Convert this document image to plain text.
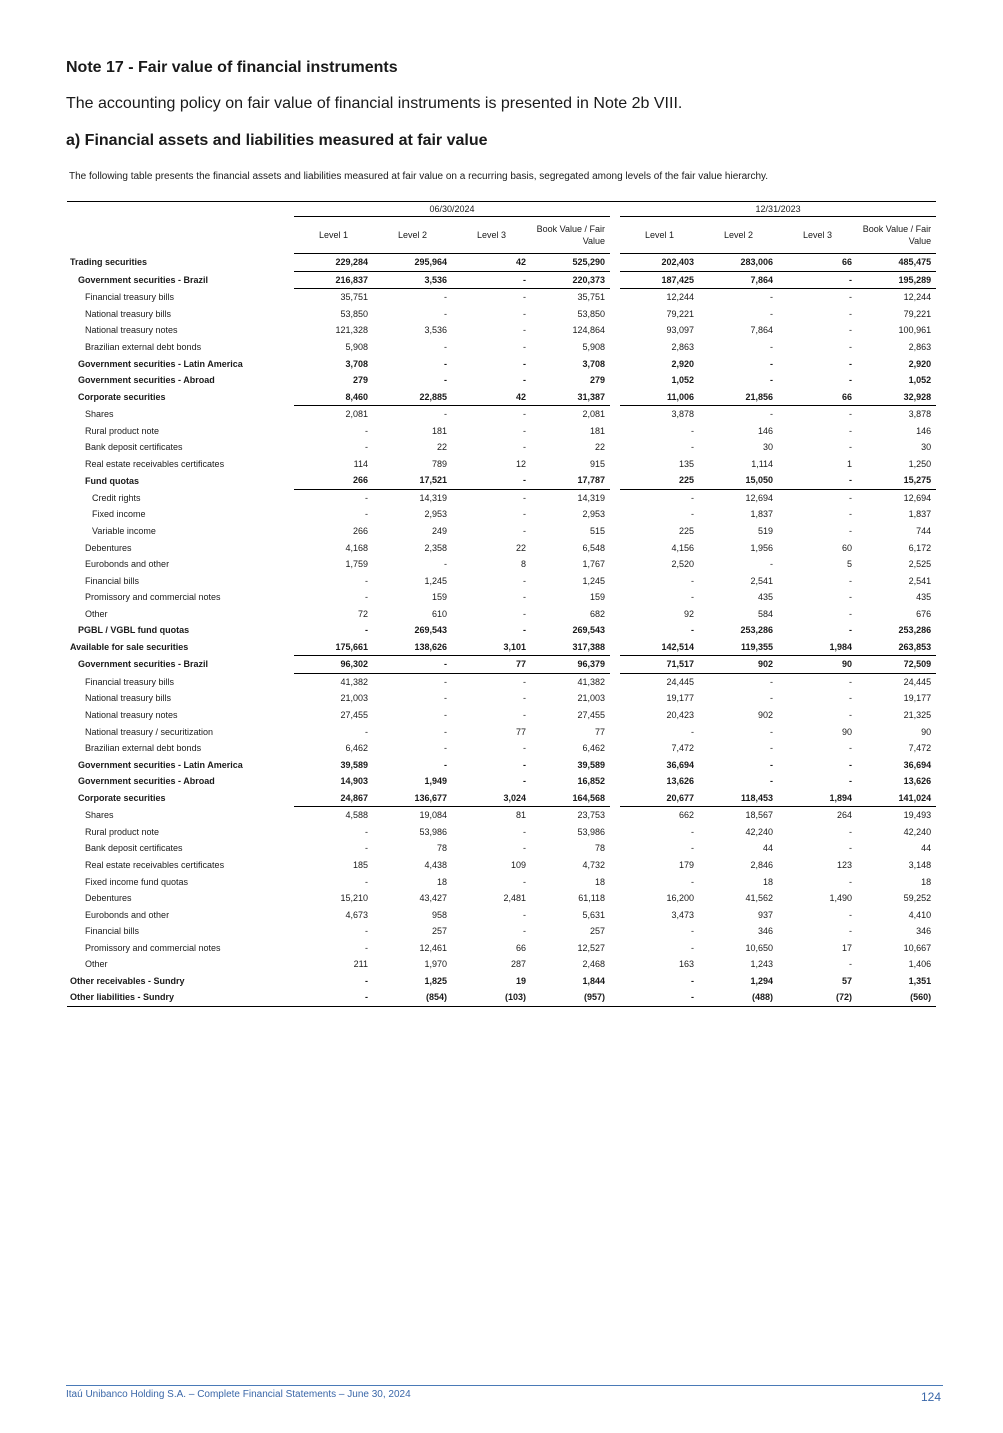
Note 17 - Fair value of financial instruments

The accounting policy on fair value of financial instruments is presented in Note 2b VIII.

a) Financial assets and liabilities measured at fair value

The following table presents the financial assets and liabilities measured at fair value on a recurring basis, segregated among levels of the fair value hierarchy.

	06/30/2024					12/31/2023			
	Level 1	Level 2	Level 3	Book Value / Fair Value		Level 1	Level 2	Level 3	Book Value / Fair Value
Trading securities	229,284	295,964	42	525,290		202,403	283,006	66	485,475
Government securities - Brazil	216,837	3,536	-	220,373		187,425	7,864	-	195,289
Financial treasury bills	35,751	-	-	35,751		12,244	-	-	12,244
National treasury bills	53,850	-	-	53,850		79,221	-	-	79,221
National treasury notes	121,328	3,536	-	124,864		93,097	7,864	-	100,961
Brazilian external debt bonds	5,908	-	-	5,908		2,863	-	-	2,863
Government securities - Latin America	3,708	-	-	3,708		2,920	-	-	2,920
Government securities - Abroad	279	-	-	279		1,052	-	-	1,052
Corporate securities	8,460	22,885	42	31,387		11,006	21,856	66	32,928
Shares	2,081	-	-	2,081		3,878	-	-	3,878
Rural product note	-	181	-	181		-	146	-	146
Bank deposit certificates	-	22	-	22		-	30	-	30
Real estate receivables certificates	114	789	12	915		135	1,114	1	1,250
Fund quotas	266	17,521	-	17,787		225	15,050	-	15,275
Credit rights	-	14,319	-	14,319		-	12,694	-	12,694
Fixed income	-	2,953	-	2,953		-	1,837	-	1,837
Variable income	266	249	-	515		225	519	-	744
Debentures	4,168	2,358	22	6,548		4,156	1,956	60	6,172
Eurobonds and other	1,759	-	8	1,767		2,520	-	5	2,525
Financial bills	-	1,245	-	1,245		-	2,541	-	2,541
Promissory and commercial notes	-	159	-	159		-	435	-	435
Other	72	610	-	682		92	584	-	676
PGBL / VGBL fund quotas	-	269,543	-	269,543		-	253,286	-	253,286
Available for sale securities	175,661	138,626	3,101	317,388		142,514	119,355	1,984	263,853
Government securities - Brazil	96,302	-	77	96,379		71,517	902	90	72,509
Financial treasury bills	41,382	-	-	41,382		24,445	-	-	24,445
National treasury bills	21,003	-	-	21,003		19,177	-	-	19,177
National treasury notes	27,455	-	-	27,455		20,423	902	-	21,325
National treasury / securitization	-	-	77	77		-	-	90	90
Brazilian external debt bonds	6,462	-	-	6,462		7,472	-	-	7,472
Government securities - Latin America	39,589	-	-	39,589		36,694	-	-	36,694
Government securities - Abroad	14,903	1,949	-	16,852		13,626	-	-	13,626
Corporate securities	24,867	136,677	3,024	164,568		20,677	118,453	1,894	141,024
Shares	4,588	19,084	81	23,753		662	18,567	264	19,493
Rural product note	-	53,986	-	53,986		-	42,240	-	42,240
Bank deposit certificates	-	78	-	78		-	44	-	44
Real estate receivables certificates	185	4,438	109	4,732		179	2,846	123	3,148
Fixed income fund quotas	-	18	-	18		-	18	-	18
Debentures	15,210	43,427	2,481	61,118		16,200	41,562	1,490	59,252
Eurobonds and other	4,673	958	-	5,631		3,473	937	-	4,410
Financial bills	-	257	-	257		-	346	-	346
Promissory and commercial notes	-	12,461	66	12,527		-	10,650	17	10,667
Other	211	1,970	287	2,468		163	1,243	-	1,406
Other receivables - Sundry	-	1,825	19	1,844		-	1,294	57	1,351
Other liabilities - Sundry	-	(854)	(103)	(957)		-	(488)	(72)	(560)

Itaú Unibanco Holding S.A. – Complete Financial Statements – June 30, 2024	124
